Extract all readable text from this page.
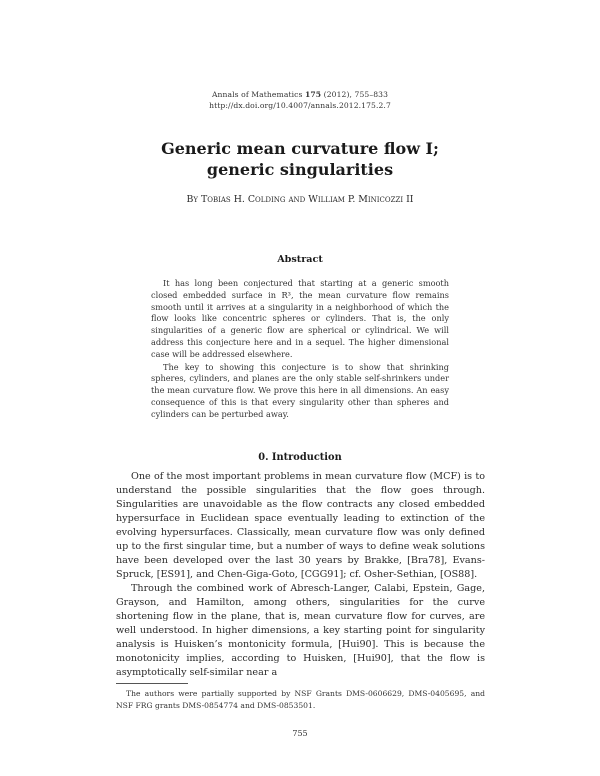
Annals of Mathematics 175 (2012), 755–833
http://dx.doi.org/10.4007/annals.2012.175.2.7
Generic mean curvature flow I;
generic singularities
By Tobias H. Colding and William P. Minicozzi II
Abstract

It has long been conjectured that starting at a generic smooth closed embedded surface in R³, the mean curvature flow remains smooth until it arrives at a singularity in a neighborhood of which the flow looks like concentric spheres or cylinders. That is, the only singularities of a generic flow are spherical or cylindrical. We will address this conjecture here and in a sequel. The higher dimensional case will be addressed elsewhere.

The key to showing this conjecture is to show that shrinking spheres, cylinders, and planes are the only stable self-shrinkers under the mean curvature flow. We prove this here in all dimensions. An easy consequence of this is that every singularity other than spheres and cylinders can be perturbed away.

0. Introduction

One of the most important problems in mean curvature flow (MCF) is to understand the possible singularities that the flow goes through. Singularities are unavoidable as the flow contracts any closed embedded hypersurface in Euclidean space eventually leading to extinction of the evolving hypersurfaces. Classically, mean curvature flow was only defined up to the first singular time, but a number of ways to define weak solutions have been developed over the last 30 years by Brakke, [Bra78], Evans-Spruck, [ES91], and Chen-Giga-Goto, [CGG91]; cf. Osher-Sethian, [OS88].

Through the combined work of Abresch-Langer, Calabi, Epstein, Gage, Grayson, and Hamilton, among others, singularities for the curve shortening flow in the plane, that is, mean curvature flow for curves, are well understood. In higher dimensions, a key starting point for singularity analysis is Huisken’s montonicity formula, [Hui90]. This is because the monotonicity implies, according to Huisken, [Hui90], that the flow is asymptotically self-similar near a

The authors were partially supported by NSF Grants DMS-0606629, DMS-0405695, and NSF FRG grants DMS-0854774 and DMS-0853501.

755
